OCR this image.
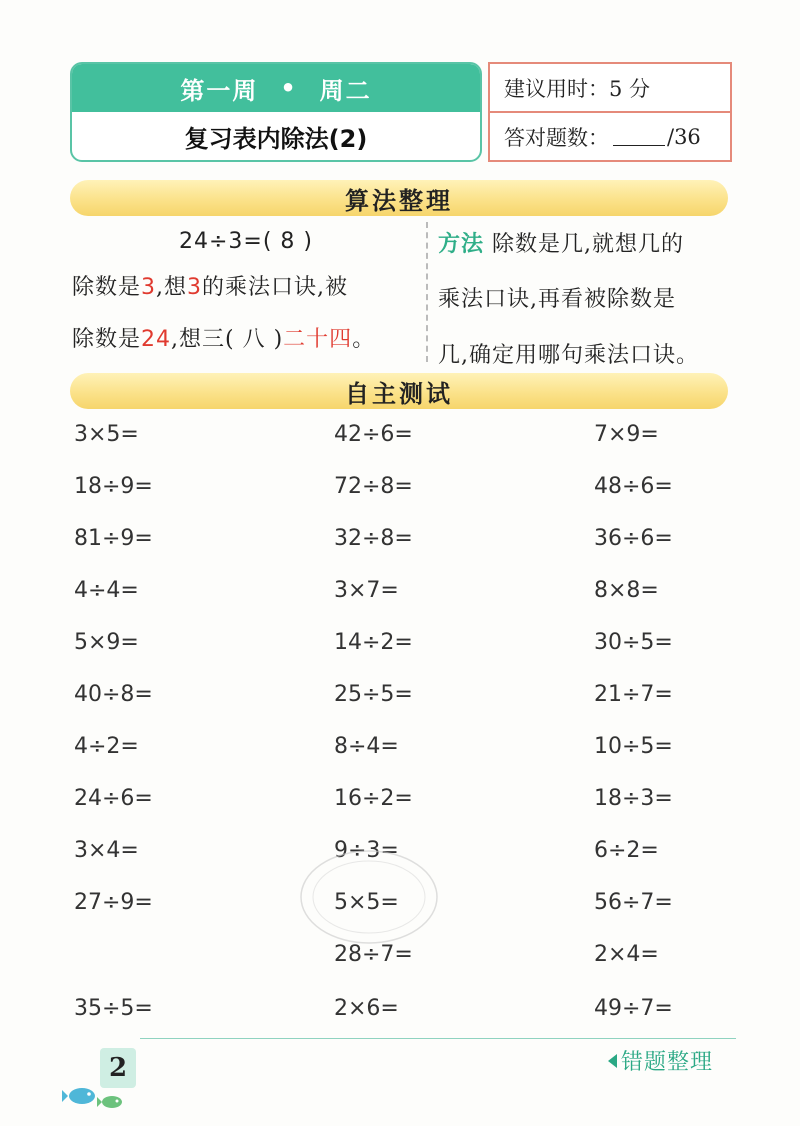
第一周 • 周二
复习表内除法(2)
建议用时：5 分
答对题数：	/36
算法整理
24÷3=( 8 )
除数是3,想3的乘法口诀,被
除数是24,想三( 八 )二十四。
方法 除数是几,就想几的
乘法口诀,再看被除数是
几,确定用哪句乘法口诀。
自主测试
3×5=
18÷9=
81÷9=
4÷4=
5×9=
40÷8=
4÷2=
24÷6=
3×4=
27÷9=
35÷5=
42÷6=
72÷8=
32÷8=
3×7=
14÷2=
25÷5=
8÷4=
16÷2=
9÷3=
5×5=
28÷7=
2×6=
7×9=
48÷6=
36÷6=
8×8=
30÷5=
21÷7=
10÷5=
18÷3=
6÷2=
56÷7=
2×4=
49÷7=
2	错题整理
